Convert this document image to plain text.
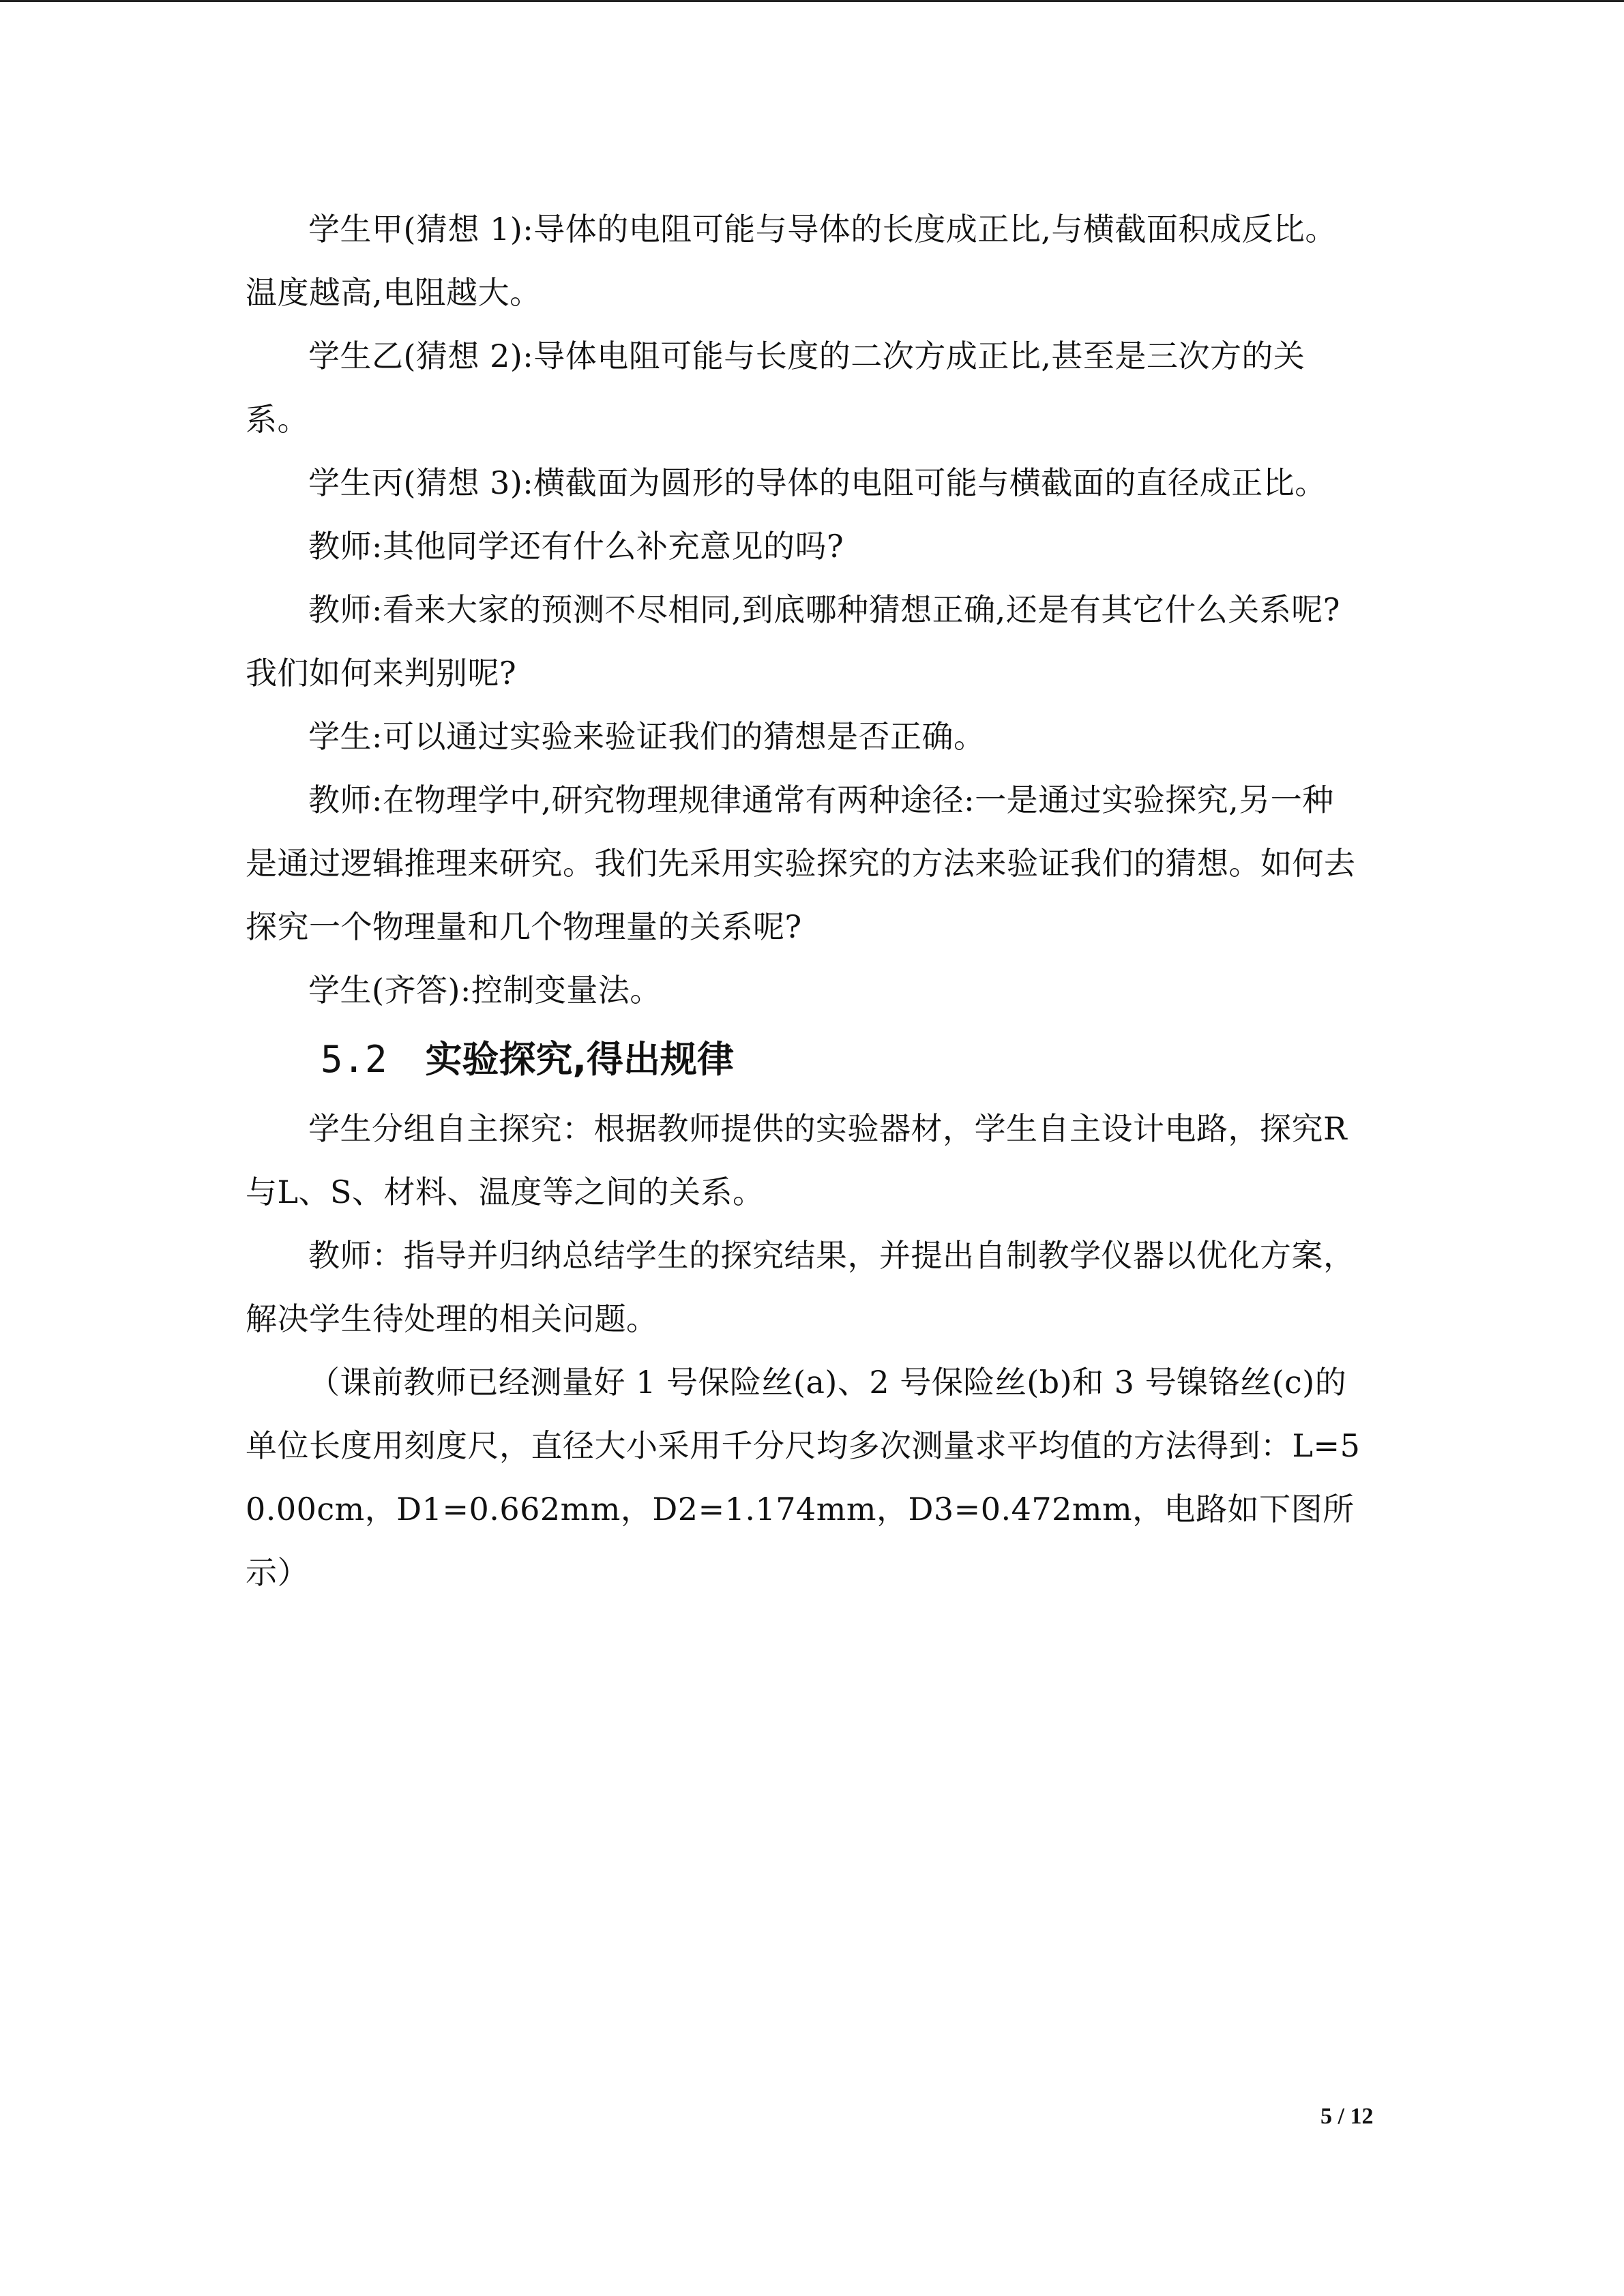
学生甲(猜想 1):导体的电阻可能与导体的长度成正比,与横截面积成反比。温度越高,电阻越大。

学生乙(猜想 2):导体电阻可能与长度的二次方成正比,甚至是三次方的关系。

学生丙(猜想 3):横截面为圆形的导体的电阻可能与横截面的直径成正比。

教师:其他同学还有什么补充意见的吗?

教师:看来大家的预测不尽相同,到底哪种猜想正确,还是有其它什么关系呢?我们如何来判别呢?

学生:可以通过实验来验证我们的猜想是否正确。

教师:在物理学中,研究物理规律通常有两种途径:一是通过实验探究,另一种是通过逻辑推理来研究。我们先采用实验探究的方法来验证我们的猜想。如何去探究一个物理量和几个物理量的关系呢?

学生(齐答):控制变量法。

5.2 实验探究,得出规律

学生分组自主探究：根据教师提供的实验器材，学生自主设计电路，探究R与L、S、材料、温度等之间的关系。

教师：指导并归纳总结学生的探究结果，并提出自制教学仪器以优化方案，解决学生待处理的相关问题。

（课前教师已经测量好 1 号保险丝(a)、2 号保险丝(b)和 3 号镍铬丝(c)的单位长度用刻度尺，直径大小采用千分尺均多次测量求平均值的方法得到：L=50.00cm，D1=0.662mm，D2=1.174mm，D3=0.472mm，电路如下图所示）

5 / 12
